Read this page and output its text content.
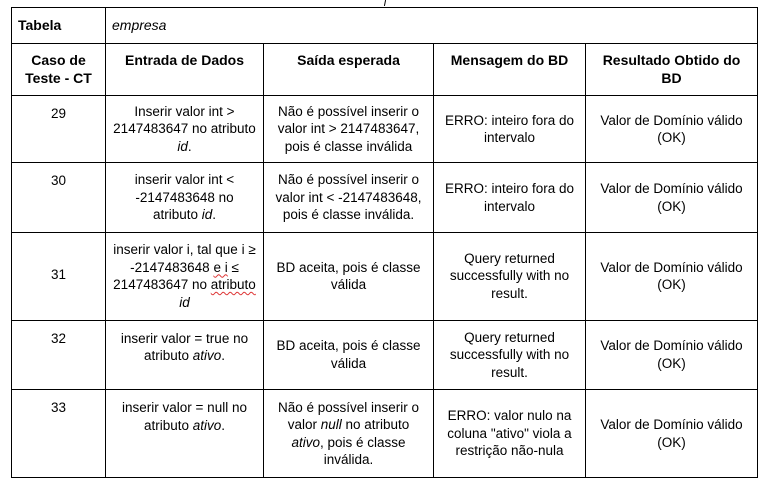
Tabela	empresa			
Caso de Teste - CT	Entrada de Dados	Saída esperada	Mensagem do BD	Resultado Obtido do BD
29	Inserir valor int > 2147483647 no atributo id.	Não é possível inserir o valor int > 2147483647, pois é classe inválida	ERRO: inteiro fora do intervalo	Valor de Domínio válido (OK)
30	inserir valor int < -2147483648 no atributo id.	Não é possível inserir o valor int < -2147483648, pois é classe inválida.	ERRO: inteiro fora do intervalo	Valor de Domínio válido (OK)
31	inserir valor i, tal que i ≥ -2147483648 e i ≤ 2147483647 no atributo id	BD aceita, pois é classe válida	Query returned successfully with no result.	Valor de Domínio válido (OK)
32	inserir valor = true no atributo ativo.	BD aceita, pois é classe válida	Query returned successfully with no result.	Valor de Domínio válido (OK)
33	inserir valor = null no atributo ativo.	Não é possível inserir o valor null no atributo ativo, pois é classe inválida.	ERRO: valor nulo na coluna "ativo" viola a restrição não-nula	Valor de Domínio válido (OK)
